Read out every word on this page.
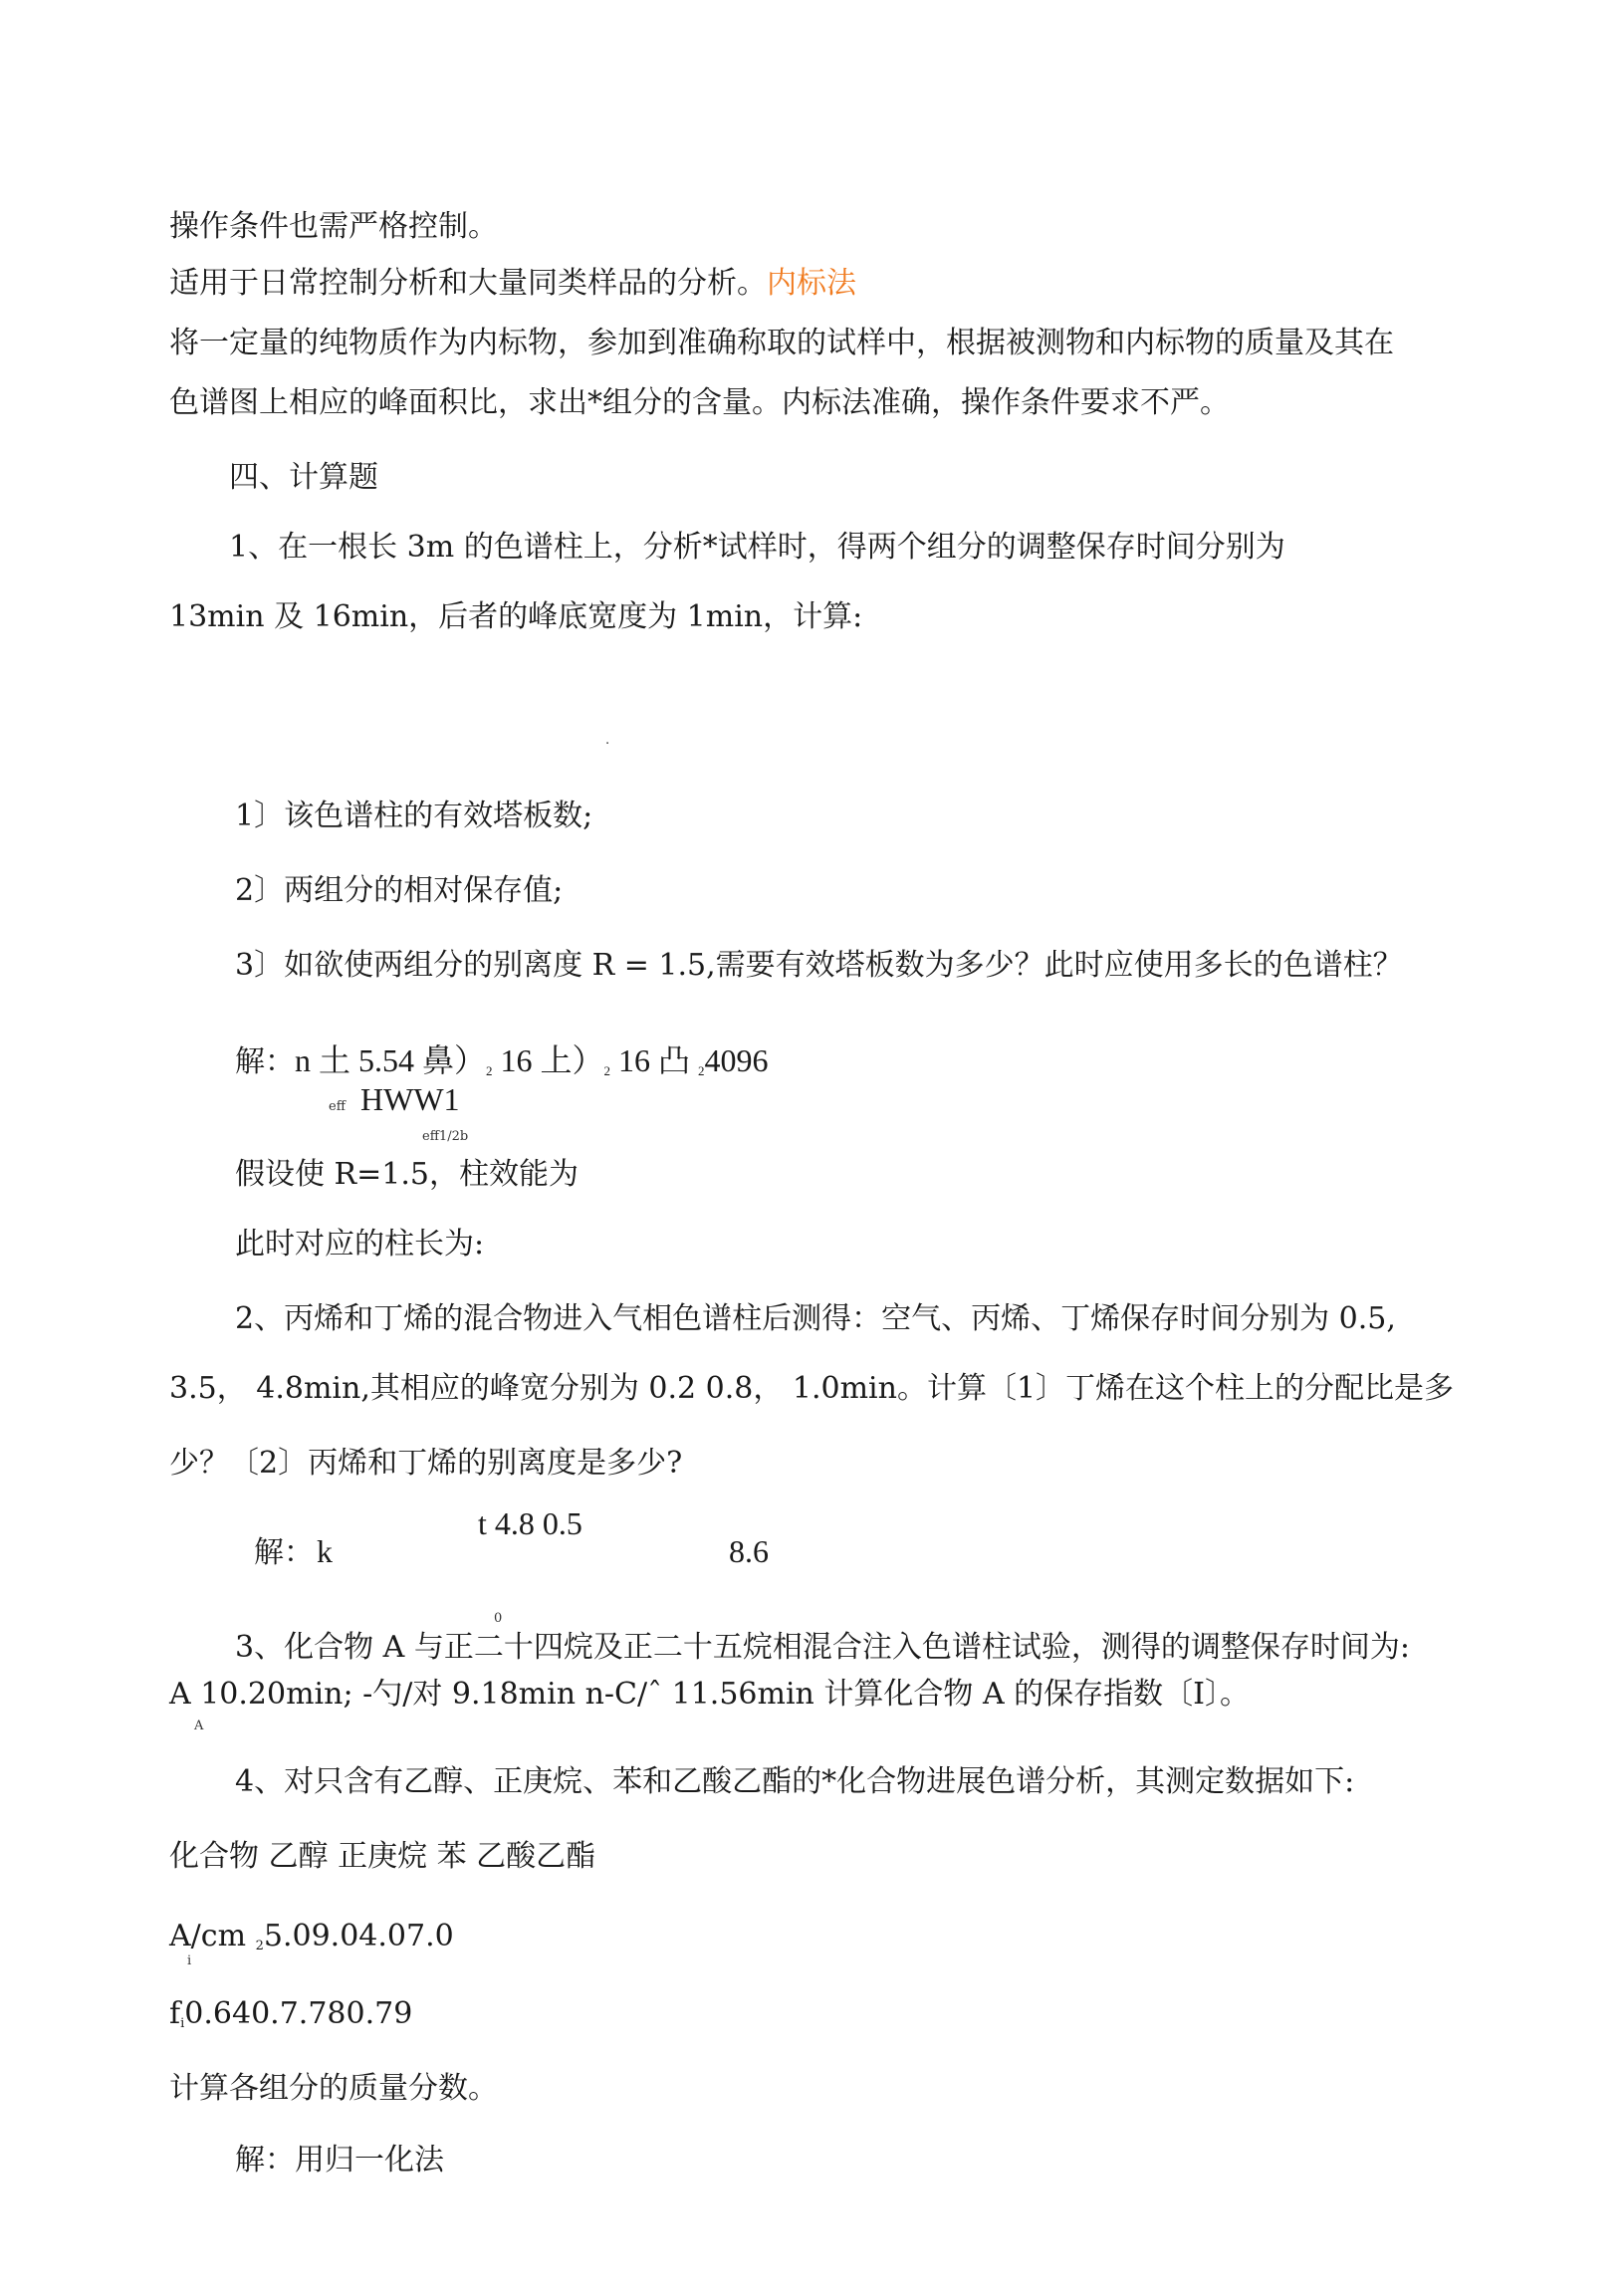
操作条件也需严格控制。
适用于日常控制分析和大量同类样品的分析。内标法
将一定量的纯物质作为内标物，参加到准确称取的试样中，根据被测物和内标物的质量及其在
色谱图上相应的峰面积比，求出*组分的含量。内标法准确，操作条件要求不严。
四、计算题
1、在一根长 3m 的色谱柱上，分析*试样时，得两个组分的调整保存时间分别为
13min 及 16min，后者的峰底宽度为 1min，计算:
.
1〕该色谱柱的有效塔板数;
2〕两组分的相对保存值;
3〕如欲使两组分的别离度 R = 1.5,需要有效塔板数为多少？此时应使用多长的色谱柱？
解：n 土 5.54 鼻）$_2$ 16 上）$_2$ 16 凸 $_2$4096
eff HWW1
eff1/2b
假设使 R=1.5，柱效能为
此时对应的柱长为:
2、丙烯和丁烯的混合物进入气相色谱柱后测得：空气、丙烯、丁烯保存时间分别为 0.5,
3.5， 4.8min,其相应的峰宽分别为 0.2 0.8， 1.0min。计算〔1〕丁烯在这个柱上的分配比是多
少？〔2〕丙烯和丁烯的别离度是多少?
解： k
t 4.8 0.5
8.6
0
3、化合物 A 与正二十四烷及正二十五烷相混合注入色谱柱试验，测得的调整保存时间为:
A 10.20min; -勺/对 9.18min n-C/ˆ 11.56min 计算化合物 A 的保存指数〔I〕。
A
4、对只含有乙醇、正庚烷、苯和乙酸乙酯的*化合物进展色谱分析，其测定数据如下:
化合物 乙醇 正庚烷 苯 乙酸乙酯
A/cm $_2$5.09.04.07.0
i
$f_i0.640.7.780.79$
计算各组分的质量分数。
解：用归一化法
